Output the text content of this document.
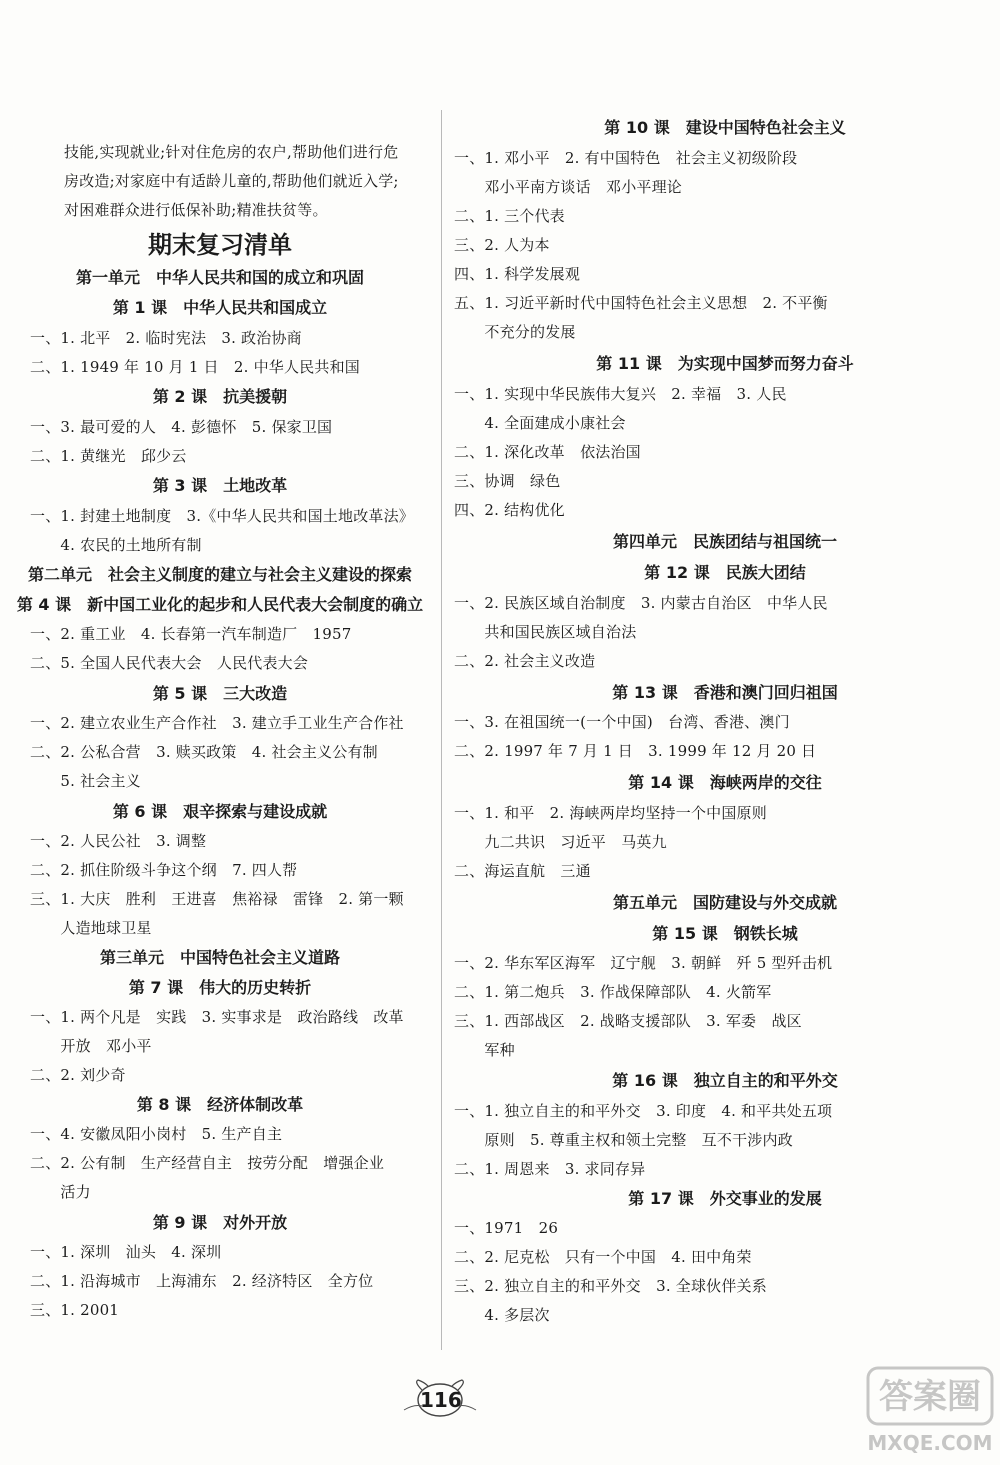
技能,实现就业;针对住危房的农户,帮助他们进行危
房改造;对家庭中有适龄儿童的,帮助他们就近入学;
对困难群众进行低保补助;精准扶贫等。
期末复习清单
第一单元　中华人民共和国的成立和巩固
第 1 课　中华人民共和国成立
一、1. 北平　2. 临时宪法　3. 政治协商
二、1. 1949 年 10 月 1 日　2. 中华人民共和国
第 2 课　抗美援朝
一、3. 最可爱的人　4. 彭德怀　5. 保家卫国
二、1. 黄继光　邱少云
第 3 课　土地改革
一、1. 封建土地制度　3.《中华人民共和国土地改革法》
　　4. 农民的土地所有制
第二单元　社会主义制度的建立与社会主义建设的探索
第 4 课　新中国工业化的起步和人民代表大会制度的确立
一、2. 重工业　4. 长春第一汽车制造厂　1957
二、5. 全国人民代表大会　人民代表大会
第 5 课　三大改造
一、2. 建立农业生产合作社　3. 建立手工业生产合作社
二、2. 公私合营　3. 赎买政策　4. 社会主义公有制
　　5. 社会主义
第 6 课　艰辛探索与建设成就
一、2. 人民公社　3. 调整
二、2. 抓住阶级斗争这个纲　7. 四人帮
三、1. 大庆　胜利　王进喜　焦裕禄　雷锋　2. 第一颗
　　人造地球卫星
第三单元　中国特色社会主义道路
第 7 课　伟大的历史转折
一、1. 两个凡是　实践　3. 实事求是　政治路线　改革
　　开放　邓小平
二、2. 刘少奇
第 8 课　经济体制改革
一、4. 安徽凤阳小岗村　5. 生产自主
二、2. 公有制　生产经营自主　按劳分配　增强企业
　　活力
第 9 课　对外开放
一、1. 深圳　汕头　4. 深圳
二、1. 沿海城市　上海浦东　2. 经济特区　全方位
三、1. 2001
第 10 课　建设中国特色社会主义
一、1. 邓小平　2. 有中国特色　社会主义初级阶段
　　邓小平南方谈话　邓小平理论
二、1. 三个代表
三、2. 人为本
四、1. 科学发展观
五、1. 习近平新时代中国特色社会主义思想　2. 不平衡
　　不充分的发展
第 11 课　为实现中国梦而努力奋斗
一、1. 实现中华民族伟大复兴　2. 幸福　3. 人民
　　4. 全面建成小康社会
二、1. 深化改革　依法治国
三、协调　绿色
四、2. 结构优化
第四单元　民族团结与祖国统一
第 12 课　民族大团结
一、2. 民族区域自治制度　3. 内蒙古自治区　中华人民
　　共和国民族区域自治法
二、2. 社会主义改造
第 13 课　香港和澳门回归祖国
一、3. 在祖国统一(一个中国)　台湾、香港、澳门
二、2. 1997 年 7 月 1 日　3. 1999 年 12 月 20 日
第 14 课　海峡两岸的交往
一、1. 和平　2. 海峡两岸均坚持一个中国原则
　　九二共识　习近平　马英九
二、海运直航　三通
第五单元　国防建设与外交成就
第 15 课　钢铁长城
一、2. 华东军区海军　辽宁舰　3. 朝鲜　歼 5 型歼击机
二、1. 第二炮兵　3. 作战保障部队　4. 火箭军
三、1. 西部战区　2. 战略支援部队　3. 军委　战区
　　军种
第 16 课　独立自主的和平外交
一、1. 独立自主的和平外交　3. 印度　4. 和平共处五项
　　原则　5. 尊重主权和领土完整　互不干涉内政
二、1. 周恩来　3. 求同存异
第 17 课　外交事业的发展
一、1971　26
二、2. 尼克松　只有一个中国　4. 田中角荣
三、2. 独立自主的和平外交　3. 全球伙伴关系
　　4. 多层次
116	答案圈
MXQE.COM
